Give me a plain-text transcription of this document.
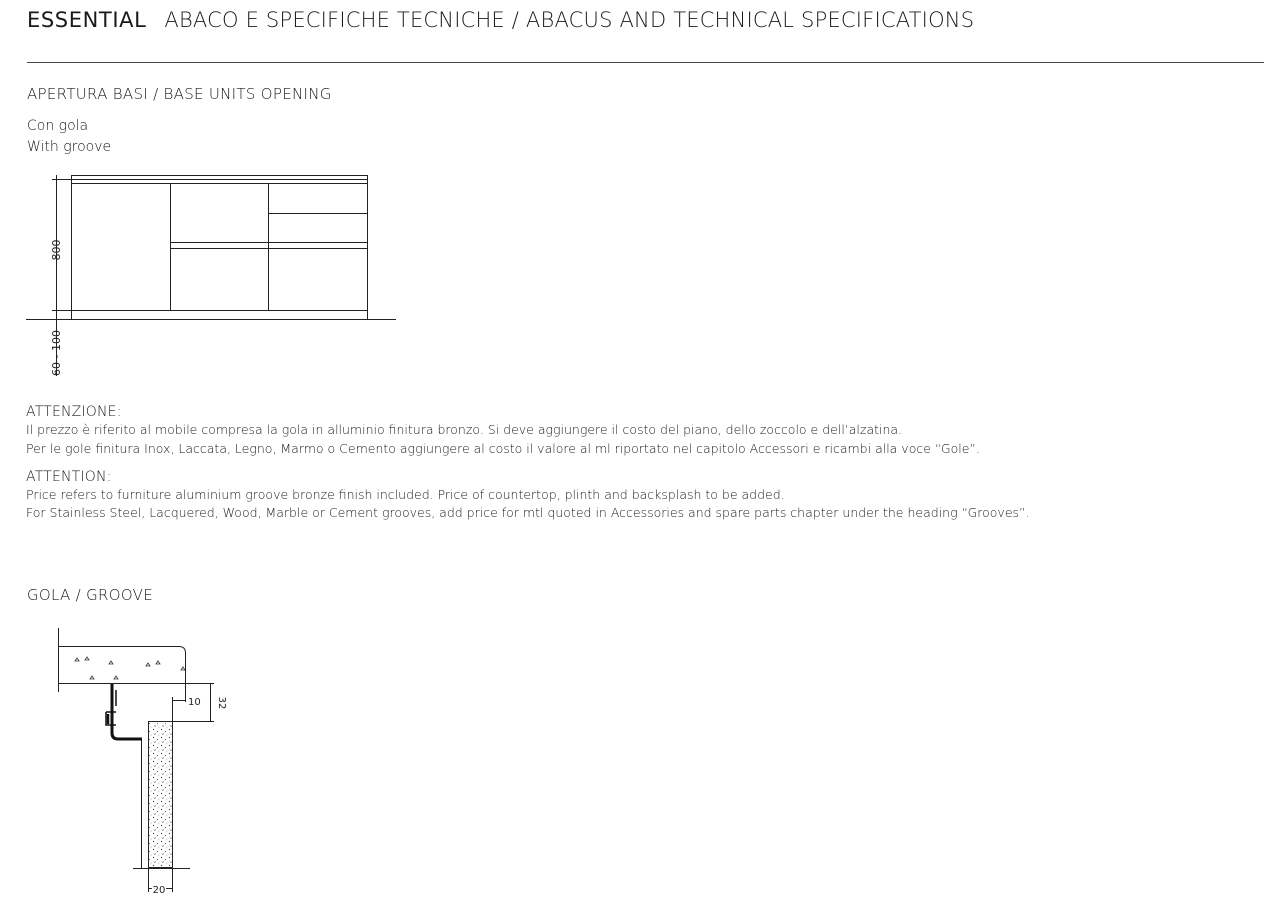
ESSENTIAL ABACO E SPECIFICHE TECNICHE / ABACUS AND TECHNICAL SPECIFICATIONS
APERTURA BASI / BASE UNITS OPENING
Con gola
With groove
800
60 - 100
ATTENZIONE:
Il prezzo è riferito al mobile compresa la gola in alluminio finitura bronzo. Si deve aggiungere il costo del piano, dello zoccolo e dell’alzatina.
Per le gole finitura Inox, Laccata, Legno, Marmo o Cemento aggiungere al costo il valore al ml riportato nel capitolo Accessori e ricambi alla voce “Gole”.
ATTENTION:
Price refers to furniture aluminium groove bronze finish included. Price of countertop, plinth and backsplash to be added.
For Stainless Steel, Lacquered, Wood, Marble or Cement grooves, add price for mtl quoted in Accessories and spare parts chapter under the heading “Grooves”.
GOLA / GROOVE
10 32
20
